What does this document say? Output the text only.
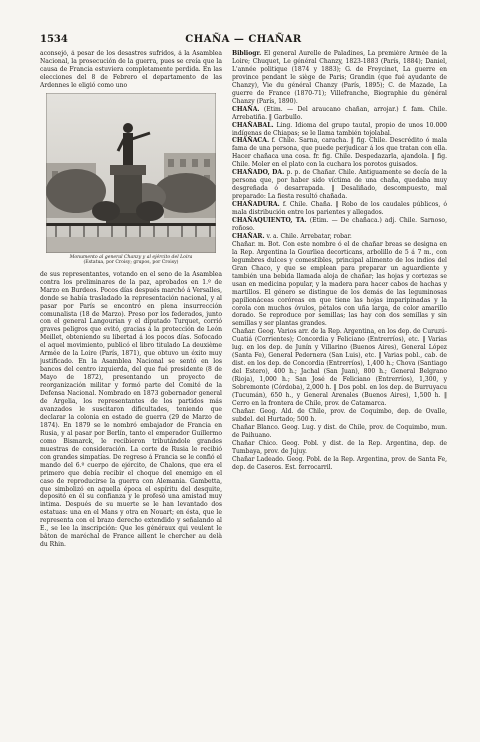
1534	CHAÑA — CHAÑAR

aconsejó, á pesar de los desastres sufridos, á la Asamblea Nacional, la prosecución de la guerra, pues se creía que la causa de Francia estuviera completamente perdida. En las elecciones del 8 de Febrero el departamento de las Ardennes le eligió como uno

Monumento al general Chanzy y al ejército del Loira

(Estatua, por Croisy; grupos, por Croisy)

de sus representantes, votando en el seno de la Asamblea contra los preliminares de la paz, aprobados en 1.º de Marzo en Burdeos. Pocos días después marchó á Versalles, donde se había trasladado la representación nacional, y al pasar por París se encontró en plena insurrección comunalista (18 de Marzo). Preso por los federados, junto con el general Langourian y el diputado Turquet, corrió graves peligros que evitó, gracias á la protección de León Meillet, obteniendo su libertad á los pocos días. Sofocado el aquel movimiento, publicó el libro titulado La deuxième Armée de la Loire (París, 1871), que obtuvo un éxito muy justificado. En la Asamblea Nacional se sentó en los bancos del centro izquierda, del que fué presidente (8 de Mayo de 1872), presentando un proyecto de reorganización militar y formó parte del Comité de la Defensa Nacional. Nombrado en 1873 gobernador general de Argelia, los representantes de los partidos más avanzados le suscitaron dificultades, teniendo que declarar la colonia en estado de guerra (29 de Marzo de 1874). En 1879 se le nombró embajador de Francia en Rusia, y al pasar por Berlín, tanto el emperador Guillermo como Bismarck, le recibieron tributándole grandes muestras de consideración. La corte de Rusia le recibió con grandes simpatías. De regreso á Francia se le confió el mando del 6.º cuerpo de ejército, de Chalons, que era el primero que debía recibir el choque del enemigo en el caso de reproducirse la guerra con Alemania. Gambetta, que simbolizó en aquella época el espíritu del desquite, depositó en él su confianza y le profesó una amistad muy intima. Después de su muerte se le han levantado dos estatuas: una en el Mans y otra en Nouart; en ésta, que le representa con el brazo derecho extendido y señalando al E., se lee la inscripción: Que les généraux qui veulent le bâton de maréchal de France aillent le chercher au delà du Rhin.

Bibliogr. El general Aurelle de Paladines, La première Armée de la Loire; Chuquet, Le général Chanzy, 1823-1883 (París, 1884); Daniel, L'année politique (1874 y 1883); G. de Freycinet, La guerre en province pendant le siège de Paris; Grandin (que fué ayudante de Chanzy), Vie du général Chanzy (París, 1895); C. de Mazade, La guerre de France (1870-71); Villefranche, Biographie du général Chanzy (París, 1890).

CHAÑA. (Etim. — Del araucano chañan, arrojar.) f. fam. Chile. Arrebatiña. ‖ Garbullo.

CHAÑABAL. Ling. Idioma del grupo tautal, propio de unos 10.000 indígenas de Chiapas; se le llama también tojolabal.

CHAÑACA. f. Chile. Sarna, caracha. ‖ fig. Chile. Descrédito ó mala fama de una persona, que puede perjudicar á los que tratan con ella. Hacer chañaca una cosa. fr. fig. Chile. Despedazarla, ajandola. ‖ fig. Chile. Moler en el plato con la cuchara los porotos guisados.

CHAÑADO, DA. p. p. de Chañar. Chile. Antiguamente se decía de la persona que, por haber sido víctima de una chaña, quedaba muy desgreñada ó desarrapada. ‖ Desaliñado, descompuesto, mal preparado: La fiesta resultó chañada.

CHAÑADURA. f. Chile. Chaña. ‖ Robo de los caudales públicos, ó mala distribución entre los parientes y allegados.

CHAÑAQUIENTO, TA. (Etim. — De chañaca.) adj. Chile. Sarnoso, roñoso.

CHAÑAR. v. a. Chile. Arrebatar, robar.

Chañar. m. Bot. Con este nombre ó el de chañar breas se designa en la Rep. Argentina la Gourliea decorticans, arbolillo de 5 á 7 m., con legumbres dulces y comestibles, principal alimento de los indios del Gran Chaco, y que se emplean para preparar un aguardiente y también una bebida llamada aloja de chañar; las hojas y cortezas se usan en medicina popular, y la madera para hacer cabos de hachas y martillos. El género se distingue de los demás de las leguminosas papilionáceas coróreas en que tiene las hojas imparipinadas y la corola con muchos óvulos, pétalos con uña larga, de color amarillo dorado. Se reproduce por semillas; las hay con dos semillas y sin semillas y ser plantas grandes.

Chañar. Geog. Varios arr. de la Rep. Argentina, en los dep. de Curuzú-Cuatiá (Corrientes); Concordia y Feliciano (Entrerríos), etc. ‖ Varias lug. en los dep. de Junín y Villarino (Buenos Aires), General López (Santa Fe), General Pedernera (San Luis), etc. ‖ Varias pobl., cab. de dist. en los dep. de Concordia (Entrerríos), 1,400 h.; Chova (Santiago del Estero), 400 h.; Jachal (San Juan), 800 h.; General Belgrano (Rioja), 1,000 h.; San José de Feliciano (Entrerríos), 1,300, y Sobremonte (Córdoba), 2,000 h. ‖ Dos pobl. en los dep. de Burruyacu (Tucumán), 650 h., y General Arenales (Buenos Aires), 1,500 h. ‖ Cerro en la frontera de Chile, prov. de Catamarca.

Chañar. Geog. Ald. de Chile, prov. de Coquimbo, dep. de Ovalle, subdel. del Hurtado; 500 h.

Chañar Blanco. Geog. Lug. y dist. de Chile, prov. de Coquimbo, mun. de Paihuano.

Chañar Chico. Geog. Pobl. y dist. de la Rep. Argentina, dep. de Tumbaya, prov. de Jujuy.

Chañar Ladeado. Geog. Pobl. de la Rep. Argentina, prov. de Santa Fe, dep. de Caseros. Est. ferrocarril.
